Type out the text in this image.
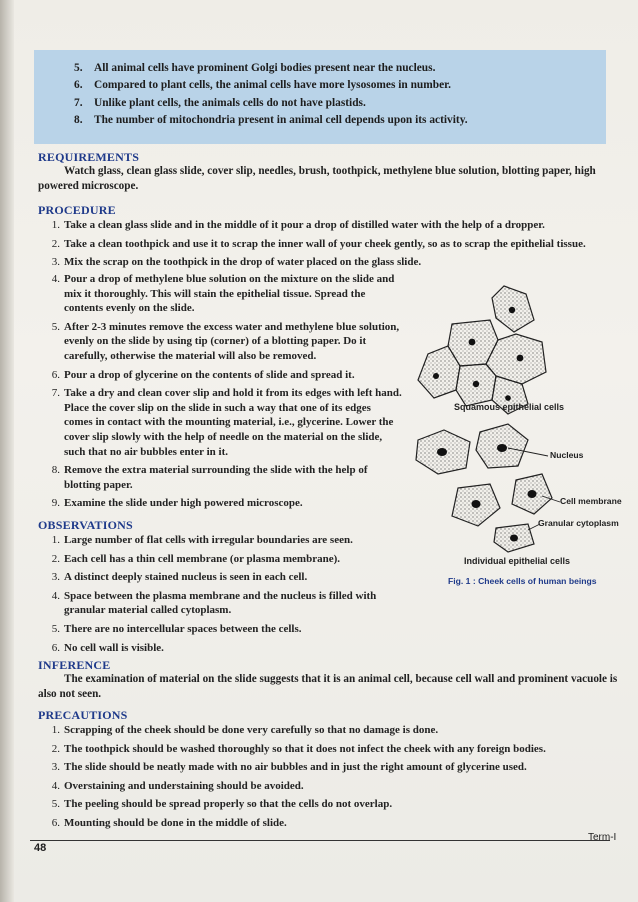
5. All animal cells have prominent Golgi bodies present near the nucleus.
6. Compared to plant cells, the animal cells have more lysosomes in number.
7. Unlike plant cells, the animals cells do not have plastids.
8. The number of mitochondria present in animal cell depends upon its activity.
REQUIREMENTS
Watch glass, clean glass slide, cover slip, needles, brush, toothpick, methylene blue solution, blotting paper, high powered microscope.
PROCEDURE
1. Take a clean glass slide and in the middle of it pour a drop of distilled water with the help of a dropper.
2. Take a clean toothpick and use it to scrap the inner wall of your cheek gently, so as to scrap the epithelial tissue.
3. Mix the scrap on the toothpick in the drop of water placed on the glass slide.
4. Pour a drop of methylene blue solution on the mixture on the slide and mix it thoroughly. This will stain the epithelial tissue. Spread the contents evenly on the slide.
5. After 2-3 minutes remove the excess water and methylene blue solution, evenly on the slide by using tip (corner) of a blotting paper. Do it carefully, otherwise the material will also be removed.
6. Pour a drop of glycerine on the contents of slide and spread it.
7. Take a dry and clean cover slip and hold it from its edges with left hand. Place the cover slip on the slide in such a way that one of its edges comes in contact with the mounting material, i.e., glycerine. Lower the cover slip slowly with the help of needle on the material on the slide, such that no air bubbles enter in it.
8. Remove the extra material surrounding the slide with the help of blotting paper.
9. Examine the slide under high powered microscope.
OBSERVATIONS
1. Large number of flat cells with irregular boundaries are seen.
2. Each cell has a thin cell membrane (or plasma membrane).
3. A distinct deeply stained nucleus is seen in each cell.
4. Space between the plasma membrane and the nucleus is filled with granular material called cytoplasm.
5. There are no intercellular spaces between the cells.
6. No cell wall is visible.
INFERENCE
The examination of material on the slide suggests that it is an animal cell, because cell wall and prominent vacuole is also not seen.
PRECAUTIONS
1. Scrapping of the cheek should be done very carefully so that no damage is done.
2. The toothpick should be washed thoroughly so that it does not infect the cheek with any foreign bodies.
3. The slide should be neatly made with no air bubbles and in just the right amount of glycerine used.
4. Overstaining and understaining should be avoided.
5. The peeling should be spread properly so that the cells do not overlap.
6. Mounting should be done in the middle of slide.
Squamous epithelial cells
Nucleus
Cell membrane
Granular cytoplasm
Individual epithelial cells
Fig. 1 : Cheek cells of human beings
48
Term-I
